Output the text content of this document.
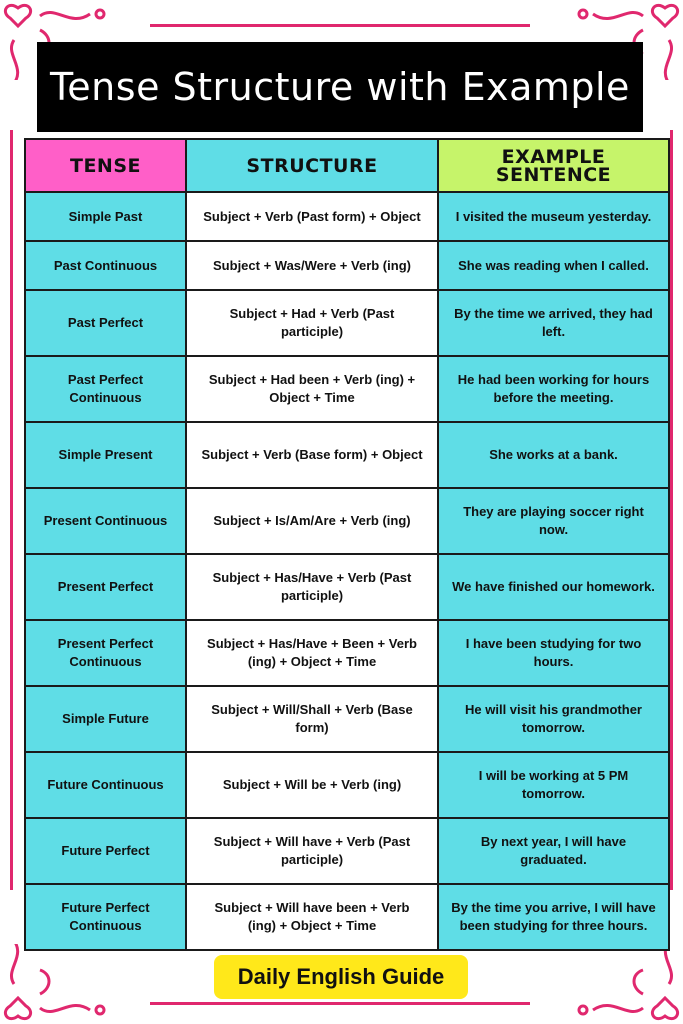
Tense Structure with Example
TENSE	STRUCTURE	EXAMPLE SENTENCE
Simple Past	Subject + Verb (Past form) + Object	I visited the museum yesterday.
Past Continuous	Subject + Was/Were + Verb (ing)	She was reading when I called.
Past Perfect	Subject + Had + Verb (Past participle)	By the time we arrived, they had left.
Past Perfect Continuous	Subject + Had been + Verb (ing) + Object + Time	He had been working for hours before the meeting.
Simple Present	Subject + Verb (Base form) + Object	She works at a bank.
Present Continuous	Subject + Is/Am/Are + Verb (ing)	They are playing soccer right now.
Present Perfect	Subject + Has/Have + Verb (Past participle)	We have finished our homework.
Present Perfect Continuous	Subject + Has/Have + Been + Verb (ing) + Object + Time	I have been studying for two hours.
Simple Future	Subject + Will/Shall + Verb (Base form)	He will visit his grandmother tomorrow.
Future Continuous	Subject + Will be + Verb (ing)	I will be working at 5 PM tomorrow.
Future Perfect	Subject + Will have + Verb (Past participle)	By next year, I will have graduated.
Future Perfect Continuous	Subject + Will have been + Verb (ing) + Object + Time	By the time you arrive, I will have been studying for three hours.
Daily English Guide
